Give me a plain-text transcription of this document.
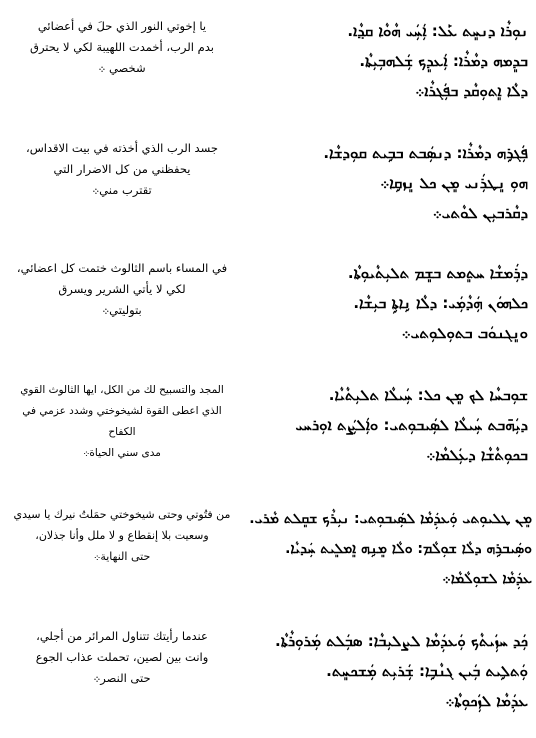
ܢܘܼܪܵܐ ܕܢܚܸܬ ܥܰܠ: ܐܲܚܲܝ ܗܵܘܵܐ ܩܕ݂ܵܐ.
ܒܕܸܡܗ ܕܡܵܪܵܐ: ܐܲܥܕܸܟ ܫܲܠܗܒܼܝܼܬܵܐ.
ܕܠܵܐ ܐܸܬܘܼܩܵܕ ܒܦܲܓܪܵܐ܀
يا إخوتي النور الذي حلَ في أعضائي
بدم الرب، أخمدت اللهيبة لكي لا يحترق
شخصي ܀
ܦܲܓܪܹܗ ܕܡܵܪܵܐ: ܕܢܣܲܒܬ ܒܒܹܝܬ ܩܘܼܕܫܵܐ.
ܗܘܼ ܢܸܛܪܲܢܝ ܡܸܢ ܟܠ ܢܸܙܩܹܐ܀
ܕܩܵܪܒܝܼܢ ܠܘܵܬܝ܀
جسد الرب الذي أخذته في بيت الاقداس،
يحفظني من كل الاضرار التي
تقترب مني܀
ܕܪܲܡܫܵܐ ܚܬܸܡܬ ܒܫܸܡ ܬܠܝܼܬܵܝܘܼܬܵܐ.
ܟܠܗܘܿܢ ܗܲܕܵܡܲܝ: ܕܠܵܐ ܢܹܐܬܹܐ ܒܝܼܫܵܐ.
ܘܢܸܓܢܘܿܒ ܒܬܘܼܠܘܼܬܝ܀
في المساء باسم الثالوث ختمت كل اعضائي،
لكي لا يأتي الشرير ويسرق
بتوليتي܀
ܫܘܼܒܚܵܐ ܠܟ ܡܸܢ ܟܠ: ܚܲܝܠܵܐ ܬܠܝܼܬܵܝܵܐ.
ܕܝܲܗ̄ܒܬ ܚܲܝܠܵܐ ܠܣܲܝܒܘܼܬܝ: ܘܐܲܠܨܲܬ ܐܘܼܪܚܝ
ܒܟܘܼܬܵܫܵܐ ܕܥܲܠܡܵܐ܀
المجد والتسبيح لك من الكل، ايها الثالوث القوي
الذي اعطى القوة لشيخوختي وشدد عزمي في
الكفاح
مدى سني الحياة܀
ܡܸܢ ܛܠܝܘܼܬܝ ܘܲܥܕܲܡܵܐ ܠܣܲܝܒܘܼܬܝ: ܢܝܼܪܵܟ ܫܩܸܠܬ ܡܵܪܝ.
ܘܣܲܝܒܪܹܗ ܕܠܵܐ ܫܘܼܠܵܡ: ܘܠܵܐ ܡܸܢܹܗ ܐܸܡܠܸܝܬ ܚܲܕܝܵܐ.
ܥܕܲܡܵܐ ܠܫܘܼܠܵܡܵܐ܀
من فتُوتي وحتى شيخوختي حمَلتُ نيرك يا سيدي
وسعيت بلا إنقطاع و لا ملل وأنا جذلان،
حتى النهاية܀
ܟܲܕ ܚܙܲܝܬܵܟ ܘܲܥܕܲܡܵܐ ܠܨܠܝܼܒܵܐ: ܣܒܲܠܬ ܡܲܪܘܼܪܵܬܵܐ.
ܘܲܬܠܹܝܬ ܒܲܝܢ ܓܢܵܒܹܐ: ܫܲܪܝܼܬ ܡܲܫܟܚܸܬ.
ܥܕܲܡܵܐ ܠܙܲܟܘܼܬܵܐ܀
عندما رأيتك تتناول المرائر من أجلي،
وانت بين لصين، تحملت عذاب الجوع
حتى النصر܀
